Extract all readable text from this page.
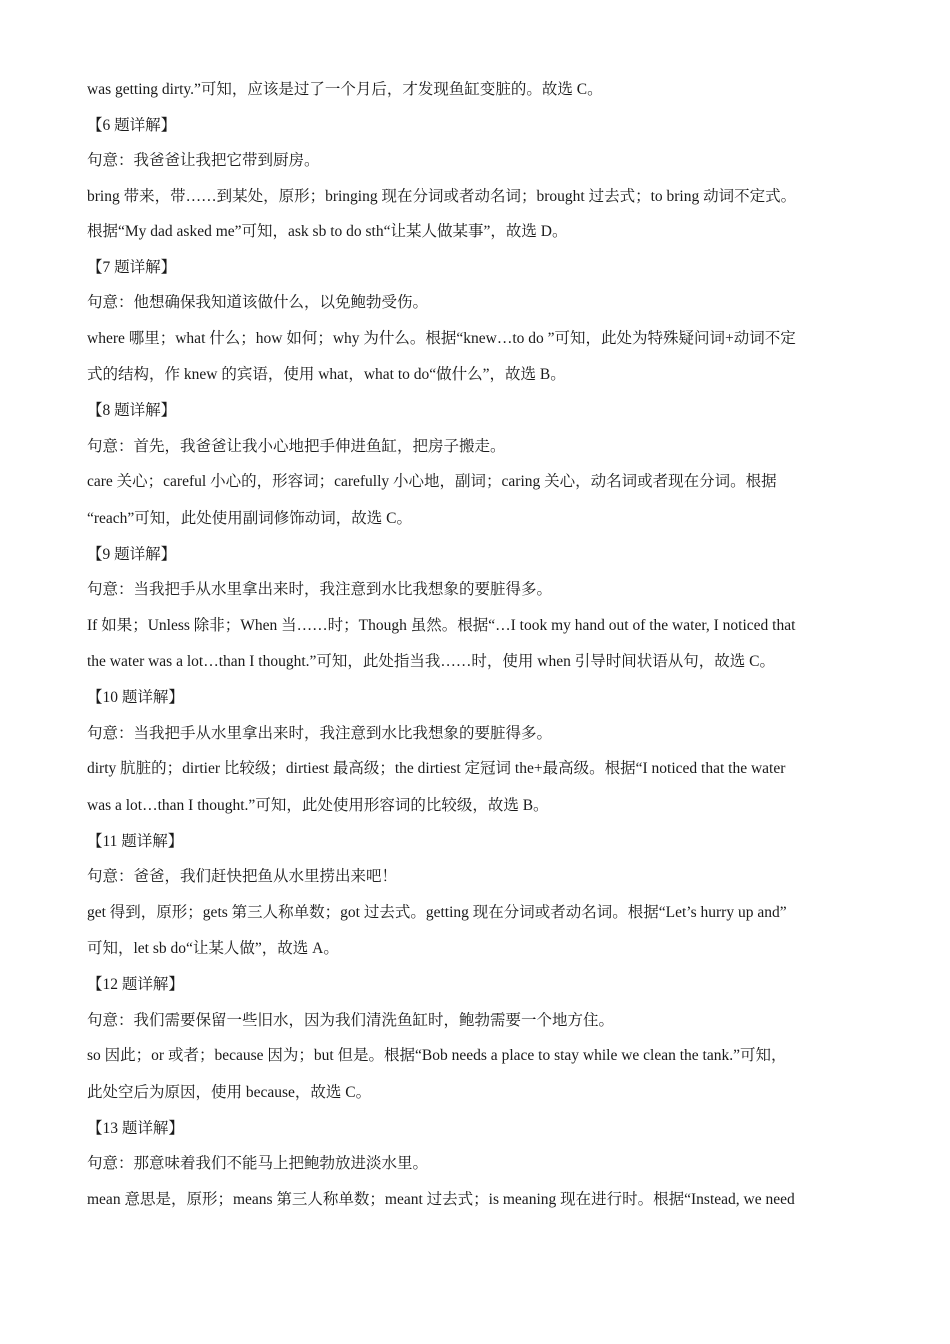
was getting dirty.”可知，应该是过了一个月后，才发现鱼缸变脏的。故选 C。
【6 题详解】
句意：我爸爸让我把它带到厨房。
bring 带来，带……到某处，原形；bringing 现在分词或者动名词；brought 过去式；to bring 动词不定式。
根据“My dad asked me”可知，ask sb to do sth“让某人做某事”，故选 D。
【7 题详解】
句意：他想确保我知道该做什么，以免鲍勃受伤。
where 哪里；what 什么；how 如何；why 为什么。根据“knew…to do ”可知，此处为特殊疑问词+动词不定
式的结构，作 knew 的宾语，使用 what，what to do“做什么”，故选 B。
【8 题详解】
句意：首先，我爸爸让我小心地把手伸进鱼缸，把房子搬走。
care 关心；careful 小心的，形容词；carefully 小心地，副词；caring 关心，动名词或者现在分词。根据
“reach”可知，此处使用副词修饰动词，故选 C。
【9 题详解】
句意：当我把手从水里拿出来时，我注意到水比我想象的要脏得多。
If 如果；Unless 除非；When 当……时；Though 虽然。根据“…I took my hand out of the water, I noticed that
the water was a lot…than I thought.”可知，此处指当我……时，使用 when 引导时间状语从句，故选 C。
【10 题详解】
句意：当我把手从水里拿出来时，我注意到水比我想象的要脏得多。
dirty 肮脏的；dirtier 比较级；dirtiest 最高级；the dirtiest 定冠词 the+最高级。根据“I noticed that the water
was a lot…than I thought.”可知，此处使用形容词的比较级，故选 B。
【11 题详解】
句意：爸爸，我们赶快把鱼从水里捞出来吧！
get 得到，原形；gets 第三人称单数；got 过去式。getting 现在分词或者动名词。根据“Let’s hurry up and”
可知，let sb do“让某人做”，故选 A。
【12 题详解】
句意：我们需要保留一些旧水，因为我们清洗鱼缸时，鲍勃需要一个地方住。
so 因此；or 或者；because 因为；but 但是。根据“Bob needs a place to stay while we clean the tank.”可知，
此处空后为原因，使用 because，故选 C。
【13 题详解】
句意：那意味着我们不能马上把鲍勃放进淡水里。
mean 意思是，原形；means 第三人称单数；meant 过去式；is meaning 现在进行时。根据“Instead, we need
